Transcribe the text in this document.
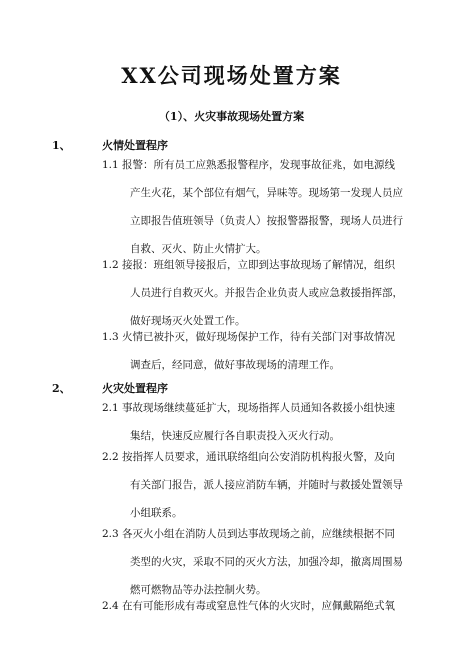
XX公司现场处置方案
（1）、火灾事故现场处置方案
1、	火情处置程序
1.1 报警：所有员工应熟悉报警程序，发现事故征兆，如电源线
产生火花，某个部位有烟气，异味等。现场第一发现人员应
立即报告值班领导（负责人）按报警器报警，现场人员进行
自救、灭火、防止火情扩大。
1.2 接报：班组领导接报后，立即到达事故现场了解情况，组织
人员进行自救灭火。并报告企业负责人或应急救援指挥部，
做好现场灭火处置工作。
1.3 火情已被扑灭，做好现场保护工作，待有关部门对事故情况
调查后，经同意，做好事故现场的清理工作。
2、	火灾处置程序
2.1 事故现场继续蔓延扩大，现场指挥人员通知各救援小组快速
集结，快速反应履行各自职责投入灭火行动。
2.2 按指挥人员要求，通讯联络组向公安消防机构报火警，及向
有关部门报告，派人接应消防车辆，并随时与救援处置领导
小组联系。
2.3 各灭火小组在消防人员到达事故现场之前，应继续根据不同
类型的火灾，采取不同的灭火方法，加强冷却，撤离周围易
燃可燃物品等办法控制火势。
2.4 在有可能形成有毒或窒息性气体的火灾时，应佩戴隔绝式氧
